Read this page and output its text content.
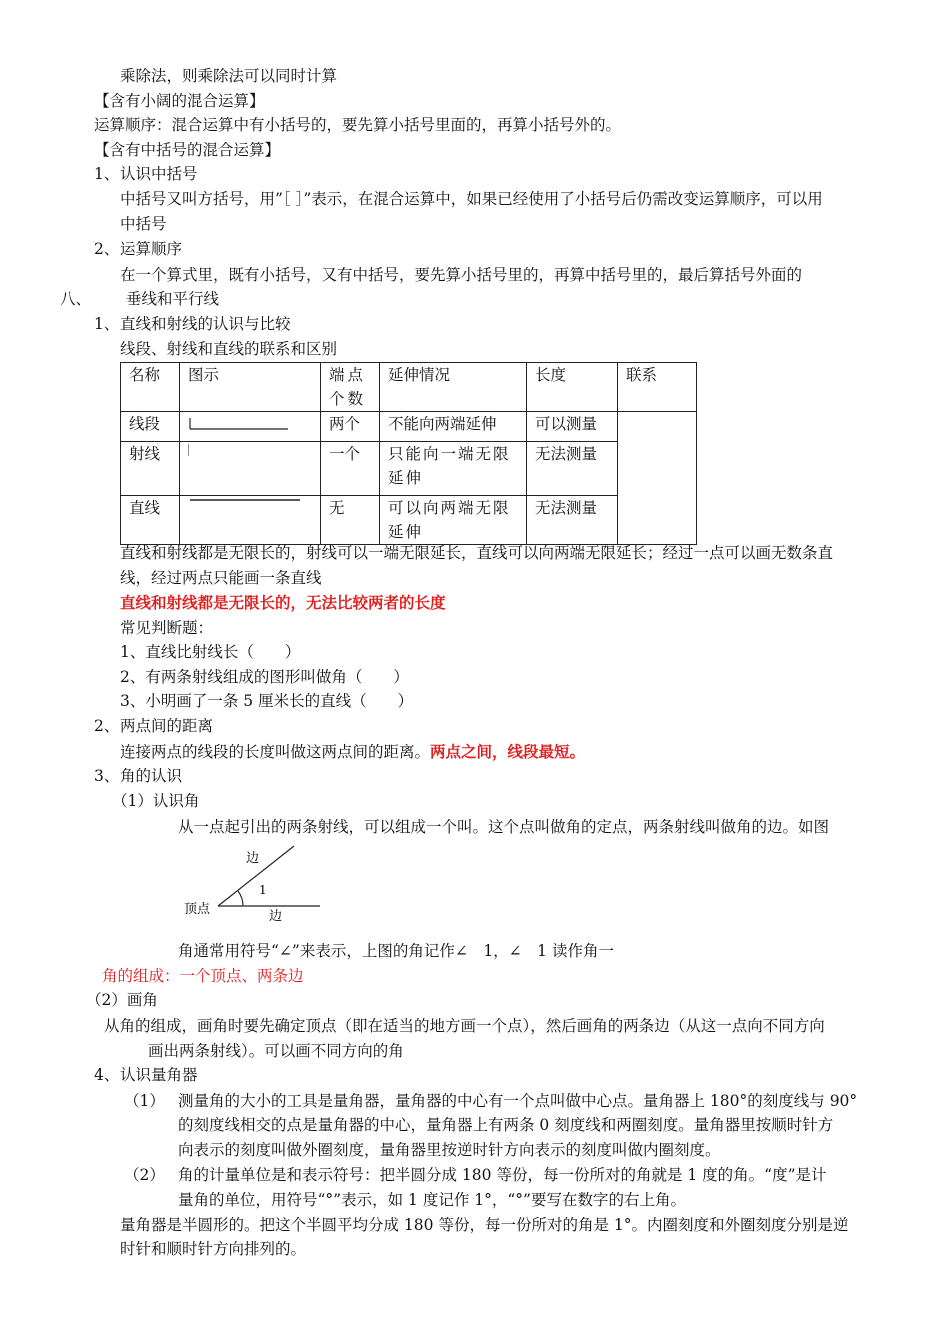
乘除法，则乘除法可以同时计算
【含有小阔的混合运算】
运算顺序：混合运算中有小括号的，要先算小括号里面的，再算小括号外的。
【含有中括号的混合运算】
1、 认识中括号
中括号又叫方括号，用”［ ］”表示，在混合运算中，如果已经使用了小括号后仍需改变运算顺序，可以用
中括号
2、 运算顺序
在一个算式里，既有小括号，又有中括号，要先算小括号里的，再算中括号里的，最后算括号外面的
八、 垂线和平行线
1、 直线和射线的认识与比较
线段、射线和直线的联系和区别
名称	图示	端点个数	延伸情况	长度	联系
线段		两个	不能向两端延伸	可以测量	
射线		一个	只能向一端无限延伸	无法测量	
直线		无	可以向两端无限延伸	无法测量	
直线和射线都是无限长的，射线可以一端无限延长，直线可以向两端无限延长；经过一点可以画无数条直
线，经过两点只能画一条直线
直线和射线都是无限长的，无法比较两者的长度
常见判断题：
1、直线比射线长（　　）
2、有两条射线组成的图形叫做角（　　）
3、小明画了一条 5 厘米长的直线（　　）
2、 两点间的距离
连接两点的线段的长度叫做这两点间的距离。两点之间，线段最短。
3、 角的认识
（1）认识角
从一点起引出的两条射线，可以组成一个叫。这个点叫做角的定点，两条射线叫做角的边。如图
边
1
顶点	边
角通常用符号“∠”来表示，上图的角记作∠　1，∠　1 读作角一
角的组成：一个顶点、两条边
（2）画角
从角的组成，画角时要先确定顶点（即在适当的地方画一个点），然后画角的两条边（从这一点向不同方向
画出两条射线）。可以画不同方向的角
4、 认识量角器
（1） 测量角的大小的工具是量角器，量角器的中心有一个点叫做中心点。量角器上 180°的刻度线与 90°
的刻度线相交的点是量角器的中心，量角器上有两条 0 刻度线和两圈刻度。量角器里按顺时针方
向表示的刻度叫做外圈刻度，量角器里按逆时针方向表示的刻度叫做内圈刻度。
（2） 角的计量单位是和表示符号：把半圆分成 180 等份，每一份所对的角就是 1 度的角。“度”是计
量角的单位，用符号“°”表示，如 1 度记作 1°，“°”要写在数字的右上角。
量角器是半圆形的。把这个半圆平均分成 180 等份，每一份所对的角是 1°。内圈刻度和外圈刻度分别是逆
时针和顺时针方向排列的。
